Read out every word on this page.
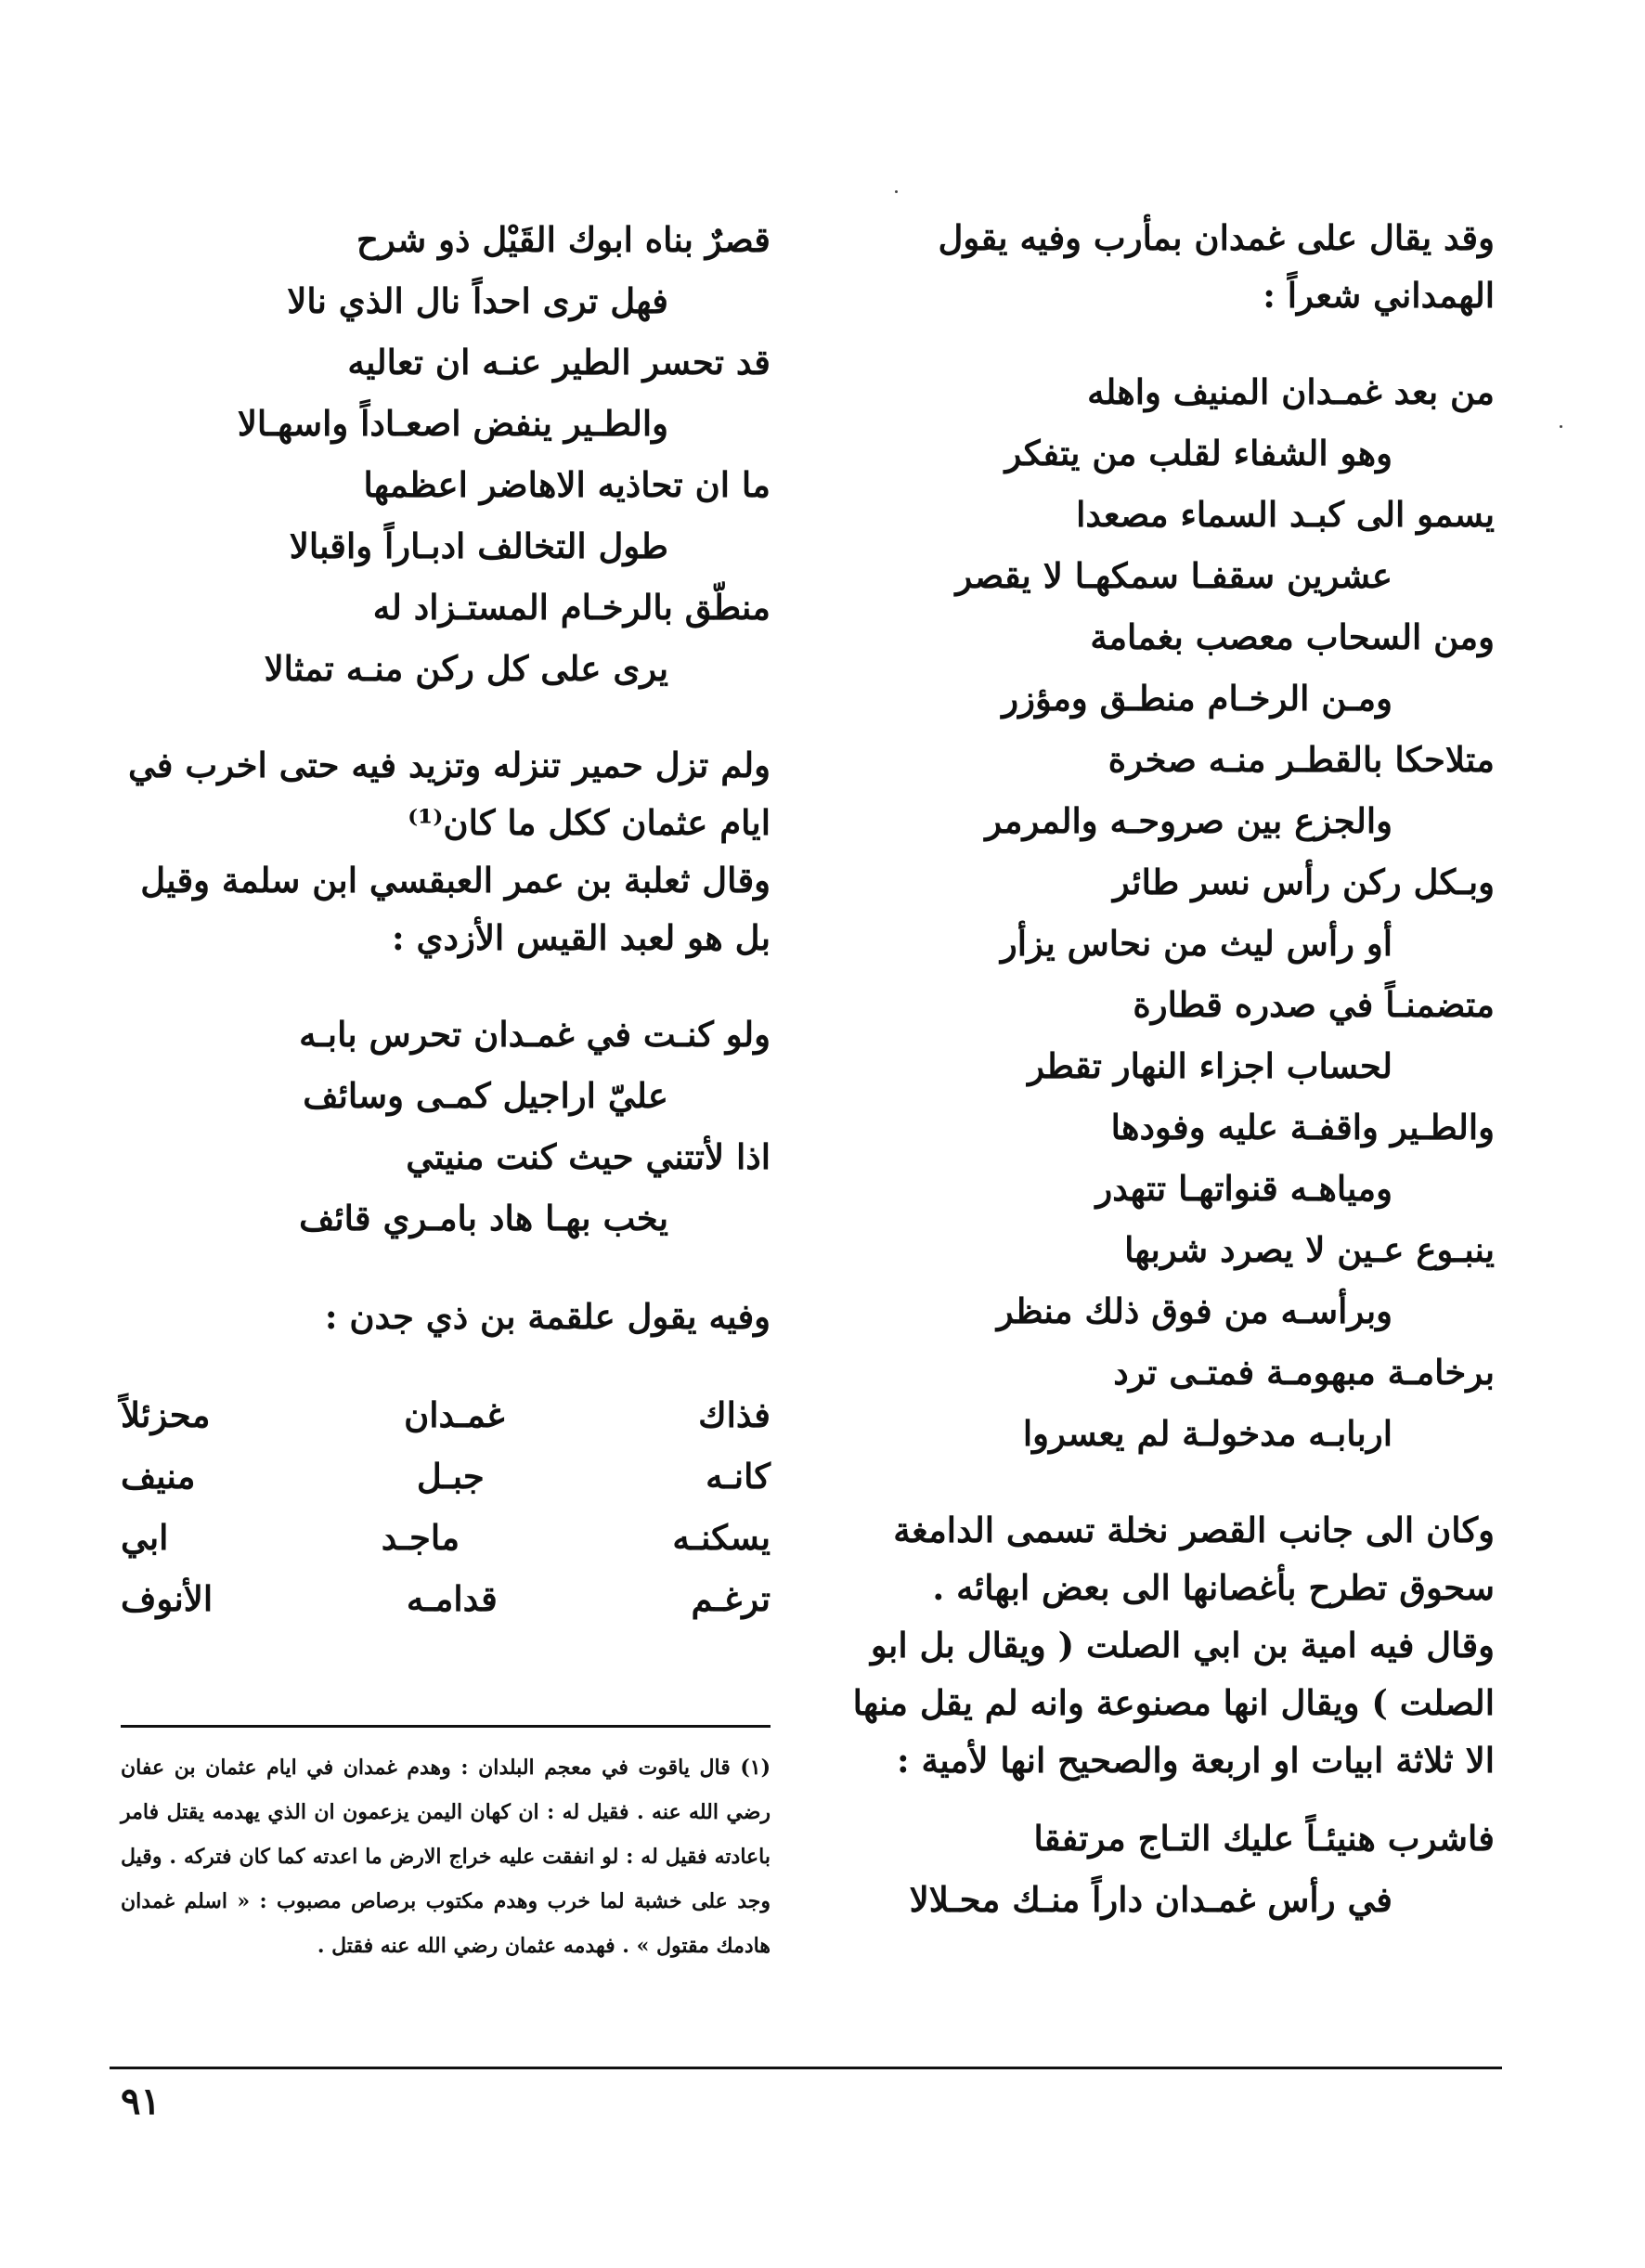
وقد يقال على غمدان بمأرب وفيه يقول الهمداني شعراً :
من بعد غمـدان المنيف واهله
وهو الشفاء لقلب من يتفكر
يسمو الى كبـد السماء مصعدا
عشرين سقفـا سمكهـا لا يقصر
ومن السحاب معصب بغمامة
ومـن الرخـام منطـق ومؤزر
متلاحكا بالقطـر منـه صخرة
والجزع بين صروحـه والمرمر
وبـكل ركن رأس نسر طائر
أو رأس ليث من نحاس يزأر
متضمنـاً في صدره قطارة
لحساب اجزاء النهار تقطر
والطـير واقفـة عليه وفودها
ومياهـه قنواتهـا تتهدر
ينبـوع عـين لا يصرد شربها
وبرأسـه من فوق ذلك منظر
برخامـة مبهومـة فمتـى ترد
اربابـه مدخولـة لم يعسروا
وكان الى جانب القصر نخلة تسمى الدامغة سحوق تطرح بأغصانها الى بعض ابهائه .
وقال فيه امية بن ابي الصلت ( ويقال بل ابو الصلت ) ويقال انها مصنوعة وانه لم يقل منها الا ثلاثة ابيات او اربعة والصحيح انها لأمية :
فاشرب هنيئـاً عليك التـاج مرتفقا
في رأس غمـدان داراً منـك محـلالا
قصرٌ بناه ابوك القَيْل ذو شرح
فهل ترى احداً نال الذي نالا
قد تحسر الطير عنـه ان تعاليه
والطـير ينفض اصعـاداً واسهـالا
ما ان تحاذيه الاهاضر اعظمها
طول التخالف ادبـاراً واقبالا
منطّق بالرخـام المستـزاد له
يرى على كل ركن منـه تمثالا
ولم تزل حمير تنزله وتزيد فيه حتى اخرب في ايام عثمان ككل ما كان⁽¹⁾
وقال ثعلبة بن عمر العبقسي ابن سلمة وقيل بل هو لعبد القيس الأزدي :
ولو كنـت في غمـدان تحرس بابـه
عليّ اراجيل كمـى وسائف
اذا لأتتني حيث كنت منيتي
يخب بهـا هاد بامـري قائف
وفيه يقول علقمة بن ذي جدن :
فذاك غمـدان محزئلاً
كانـه جبـل منيف
يسكنـه ماجـد ابي
ترغـم قدامـه الأنوف
(١) قال ياقوت في معجم البلدان : وهدم غمدان في ايام عثمان بن عفان رضي الله عنه . فقيل له : ان كهان اليمن يزعمون ان الذي يهدمه يقتل فامر باعادته فقيل له : لو انفقت عليه خراج الارض ما اعدته كما كان فتركه . وقيل وجد على خشبة لما خرب وهدم مكتوب برصاص مصبوب : « اسلم غمدان هادمك مقتول » . فهدمه عثمان رضي الله عنه فقتل .
٩١
